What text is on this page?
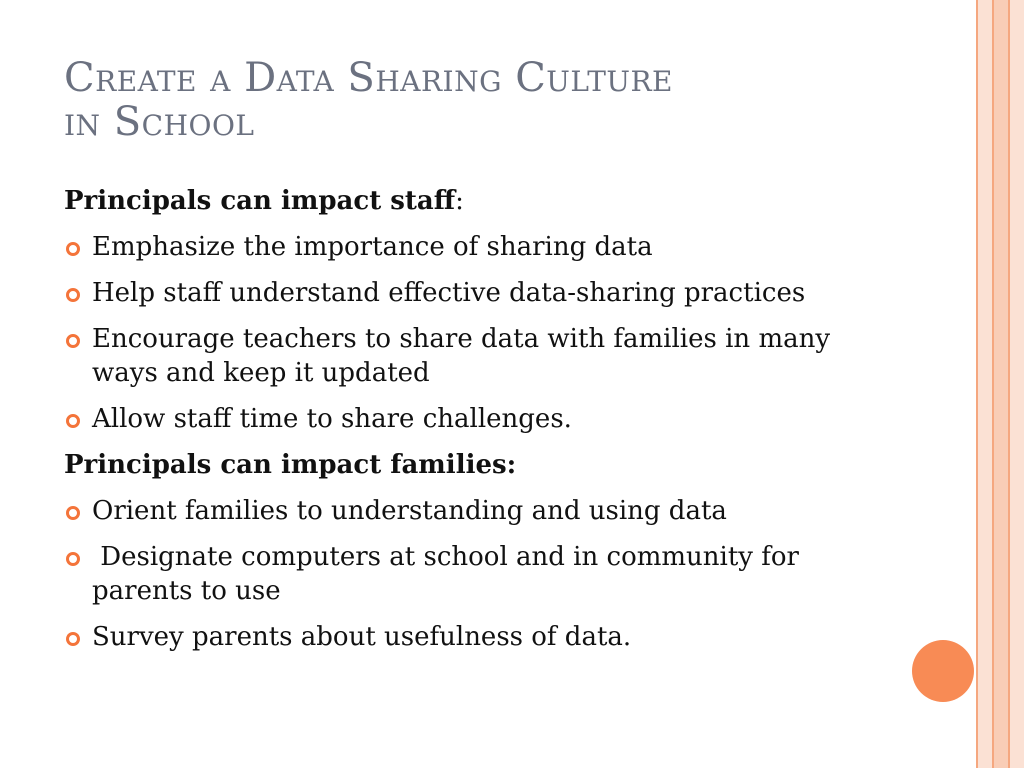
Create a Data Sharing Culture
in School

Principals can impact staff:

Emphasize the importance of sharing data
Help staff understand effective data-sharing practices
Encourage teachers to share data with families in many ways and keep it updated
Allow staff time to share challenges.

Principals can impact families:

Orient families to understanding and using data
Designate computers at school and in community for parents to use
Survey parents about usefulness of data.
